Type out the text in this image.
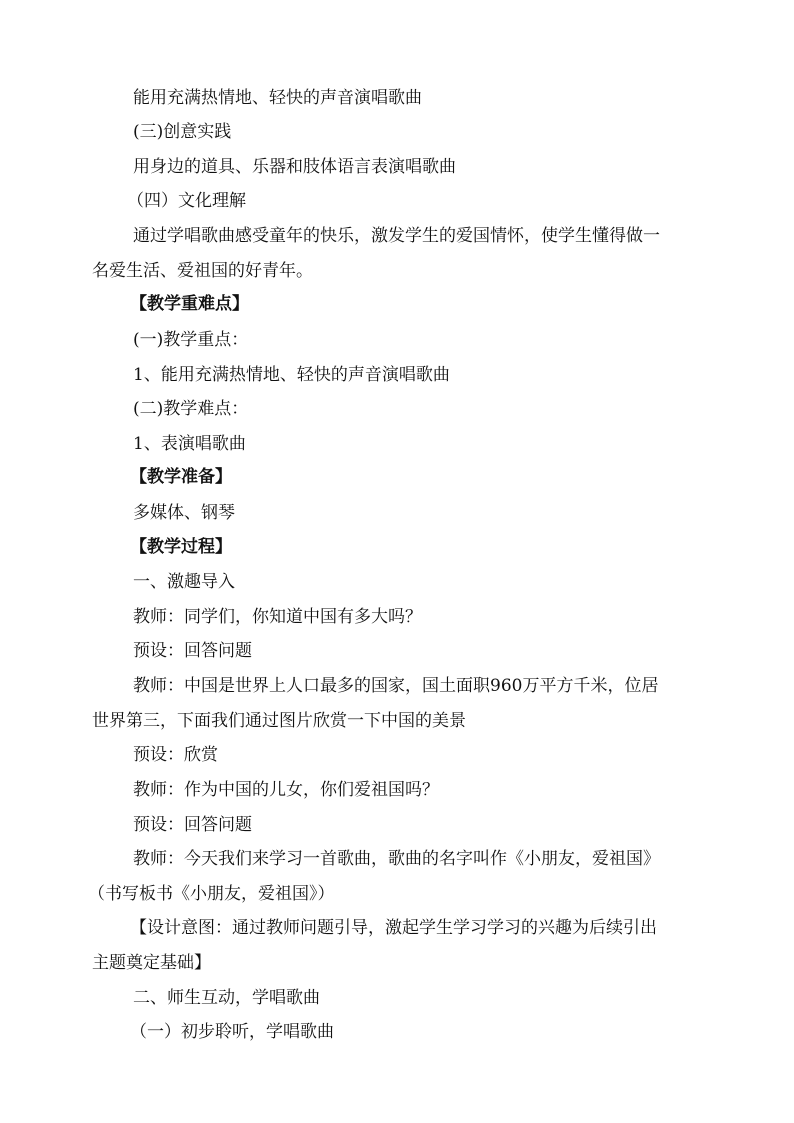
能用充满热情地、轻快的声音演唱歌曲
(三)创意实践
用身边的道具、乐器和肢体语言表演唱歌曲
（四）文化理解
通过学唱歌曲感受童年的快乐，激发学生的爱国情怀，使学生懂得做一
名爱生活、爱祖国的好青年。
【教学重难点】
(一)教学重点：
1、能用充满热情地、轻快的声音演唱歌曲
(二)教学难点：
1、表演唱歌曲
【教学准备】
多媒体、钢琴
【教学过程】
一、激趣导入
教师：同学们，你知道中国有多大吗？
预设：回答问题
教师：中国是世界上人口最多的国家，国土面职960万平方千米，位居
世界第三，下面我们通过图片欣赏一下中国的美景
预设：欣赏
教师：作为中国的儿女，你们爱祖国吗？
预设：回答问题
教师：今天我们来学习一首歌曲，歌曲的名字叫作《小朋友，爱祖国》
（书写板书《小朋友，爱祖国》）
【设计意图：通过教师问题引导，激起学生学习学习的兴趣为后续引出
主题奠定基础】
二、师生互动，学唱歌曲
（一）初步聆听，学唱歌曲
